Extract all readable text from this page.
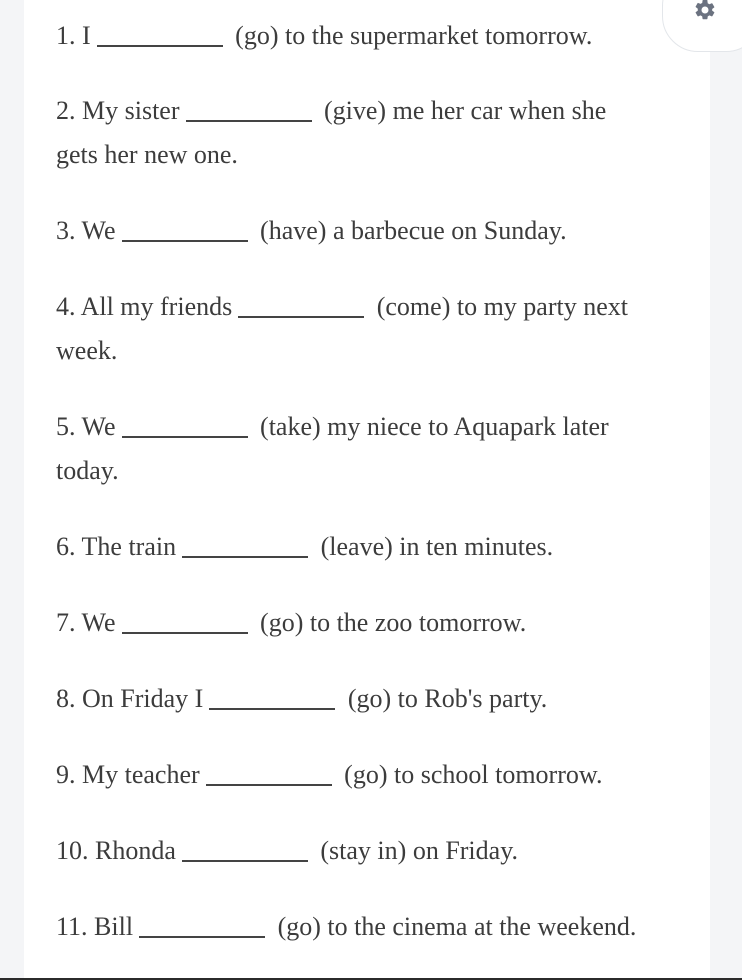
1. I	(go) to the supermarket tomorrow.
2. My sister	(give) me her car when she
gets her new one.
3. We	(have) a barbecue on Sunday.
4. All my friends	(come) to my party next
week.
5. We	(take) my niece to Aquapark later
today.
6. The train	(leave) in ten minutes.
7. We	(go) to the zoo tomorrow.
8. On Friday I	(go) to Rob's party.
9. My teacher	(go) to school tomorrow.
10. Rhonda	(stay in) on Friday.
11. Bill	(go) to the cinema at the weekend.
